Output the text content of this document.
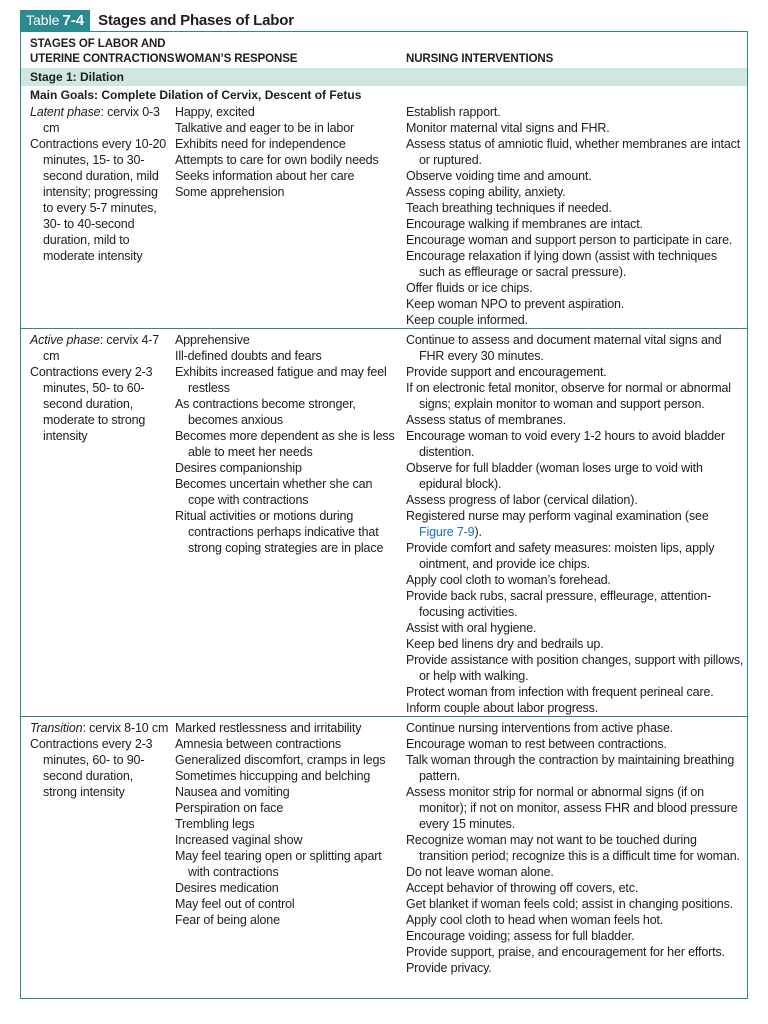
Table 7-4 Stages and Phases of Labor
STAGES OF LABOR AND
UTERINE CONTRACTIONS WOMAN’S RESPONSE	NURSING INTERVENTIONS
Stage 1: Dilation
Main Goals: Complete Dilation of Cervix, Descent of Fetus
Latent phase: cervix 0-3 cm
Contractions every 10-20 minutes, 15- to 30-second duration, mild intensity; progressing to every 5-7 minutes, 30- to 40-second duration, mild to moderate intensity
Happy, excited
Talkative and eager to be in labor
Exhibits need for independence
Attempts to care for own bodily needs
Seeks information about her care
Some apprehension
Establish rapport.
Monitor maternal vital signs and FHR.
Assess status of amniotic fluid, whether membranes are intact or ruptured.
Observe voiding time and amount.
Assess coping ability, anxiety.
Teach breathing techniques if needed.
Encourage walking if membranes are intact.
Encourage woman and support person to participate in care.
Encourage relaxation if lying down (assist with techniques such as effleurage or sacral pressure).
Offer fluids or ice chips.
Keep woman NPO to prevent aspiration.
Keep couple informed.
Active phase: cervix 4-7 cm
Contractions every 2-3 minutes, 50- to 60-second duration, moderate to strong intensity
Apprehensive
Ill-defined doubts and fears
Exhibits increased fatigue and may feel restless
As contractions become stronger, becomes anxious
Becomes more dependent as she is less able to meet her needs
Desires companionship
Becomes uncertain whether she can cope with contractions
Ritual activities or motions during contractions perhaps indicative that strong coping strategies are in place
Continue to assess and document maternal vital signs and FHR every 30 minutes.
Provide support and encouragement.
If on electronic fetal monitor, observe for normal or abnormal signs; explain monitor to woman and support person.
Assess status of membranes.
Encourage woman to void every 1-2 hours to avoid bladder distention.
Observe for full bladder (woman loses urge to void with epidural block).
Assess progress of labor (cervical dilation).
Registered nurse may perform vaginal examination (see Figure 7-9).
Provide comfort and safety measures: moisten lips, apply ointment, and provide ice chips.
Apply cool cloth to woman’s forehead.
Provide back rubs, sacral pressure, effleurage, attention-focusing activities.
Assist with oral hygiene.
Keep bed linens dry and bedrails up.
Provide assistance with position changes, support with pillows, or help with walking.
Protect woman from infection with frequent perineal care.
Inform couple about labor progress.
Transition: cervix 8-10 cm
Contractions every 2-3 minutes, 60- to 90-second duration, strong intensity
Marked restlessness and irritability
Amnesia between contractions
Generalized discomfort, cramps in legs
Sometimes hiccupping and belching
Nausea and vomiting
Perspiration on face
Trembling legs
Increased vaginal show
May feel tearing open or splitting apart with contractions
Desires medication
May feel out of control
Fear of being alone
Continue nursing interventions from active phase.
Encourage woman to rest between contractions.
Talk woman through the contraction by maintaining breathing pattern.
Assess monitor strip for normal or abnormal signs (if on monitor); if not on monitor, assess FHR and blood pressure every 15 minutes.
Recognize woman may not want to be touched during transition period; recognize this is a difficult time for woman.
Do not leave woman alone.
Accept behavior of throwing off covers, etc.
Get blanket if woman feels cold; assist in changing positions.
Apply cool cloth to head when woman feels hot.
Encourage voiding; assess for full bladder.
Provide support, praise, and encouragement for her efforts.
Provide privacy.
